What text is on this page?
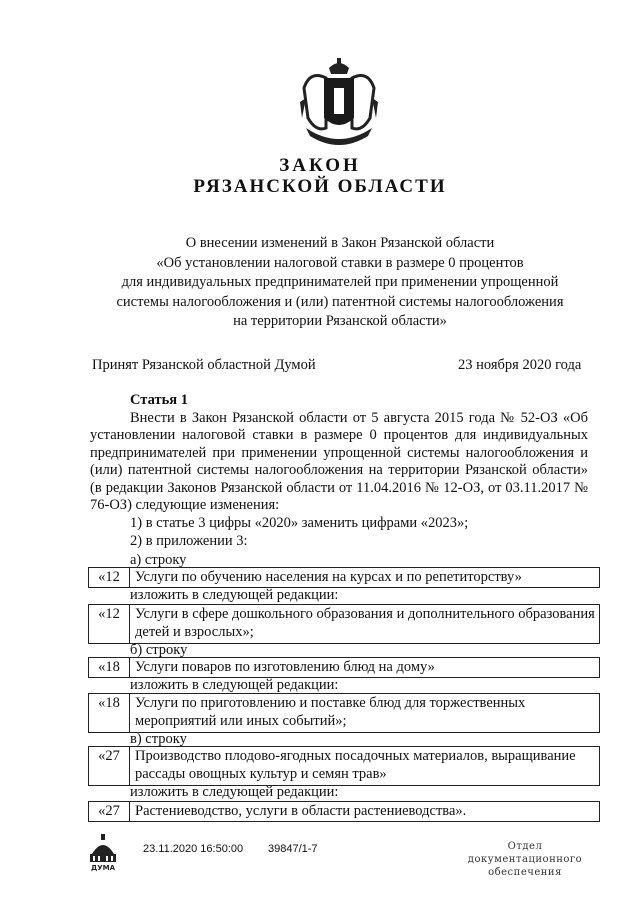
ЗАКОН
РЯЗАНСКОЙ ОБЛАСТИ
О внесении изменений в Закон Рязанской области
«Об установлении налоговой ставки в размере 0 процентов
для индивидуальных предпринимателей при применении упрощенной
системы налогообложения и (или) патентной системы налогообложения
на территории Рязанской области»
Принят Рязанской областной Думой	23 ноября 2020 года
Статья 1
Внести в Закон Рязанской области от 5 августа 2015 года № 52-ОЗ «Об установлении налоговой ставки в размере 0 процентов для индивидуальных предпринимателей при применении упрощенной системы налогообложения и (или) патентной системы налогообложения на территории Рязанской области» (в редакции Законов Рязанской области от 11.04.2016 № 12-ОЗ, от 03.11.2017 № 76-ОЗ) следующие изменения:
1) в статье 3 цифры «2020» заменить цифрами «2023»;
2) в приложении 3:
а) строку
«12	Услуги по обучению населения на курсах и по репетиторству»
изложить в следующей редакции:
«12	Услуги в сфере дошкольного образования и дополнительного образования детей и взрослых»;
б) строку
«18	Услуги поваров по изготовлению блюд на дому»
изложить в следующей редакции:
«18	Услуги по приготовлению и поставке блюд для торжественных мероприятий или иных событий»;
в) строку
«27	Производство плодово-ягодных посадочных материалов, выращивание рассады овощных культур и семян трав»
изложить в следующей редакции:
«27	Растениеводство, услуги в области растениеводства».
ДУМА
23.11.2020 16:50:00 39847/1-7	Отдел документационного
обеспечения
